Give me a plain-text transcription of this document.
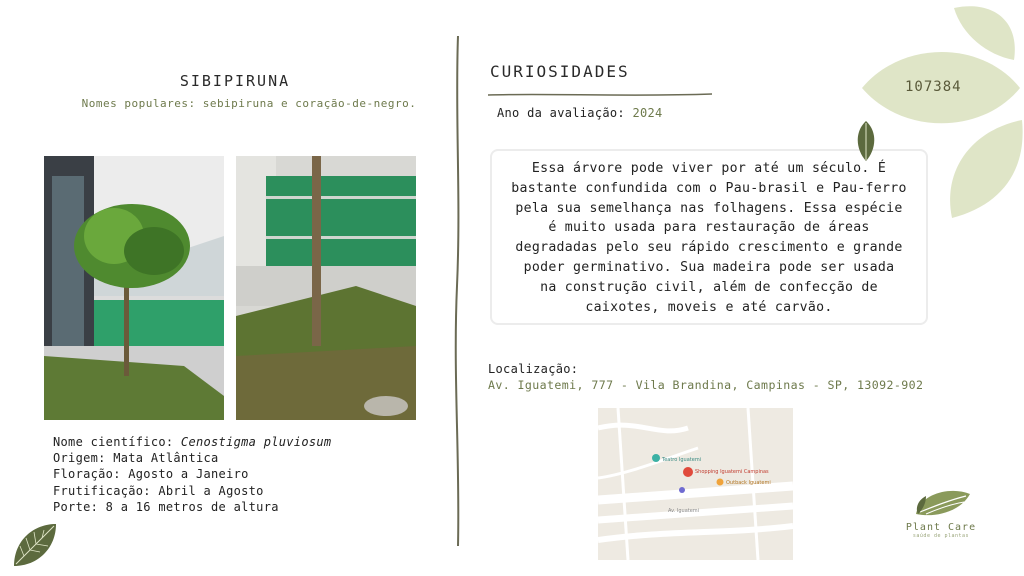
SIBIPIRUNA
Nomes populares: sebipiruna e coração-de-negro.
Nome científico: Cenostigma pluviosum
Origem: Mata Atlântica
Floração: Agosto a Janeiro
Frutificação: Abril a Agosto
Porte: 8 a 16 metros de altura
CURIOSIDADES
Ano da avaliação: 2024
Essa árvore pode viver por até um século. É
bastante confundida com o Pau-brasil e Pau-ferro
pela sua semelhança nas folhagens. Essa espécie
é muito usada para restauração de áreas
degradadas pelo seu rápido crescimento e grande
poder germinativo. Sua madeira pode ser usada
na construção civil, além de confecção de
caixotes, moveis e até carvão.
107384
Localização:
Av. Iguatemi, 777 - Vila Brandina, Campinas - SP, 13092-902
Teatro Iguatemi
Shopping Iguatemi Campinas
Outback Iguatemi
Av. Iguatemi
Plant Care
saúde de plantas
